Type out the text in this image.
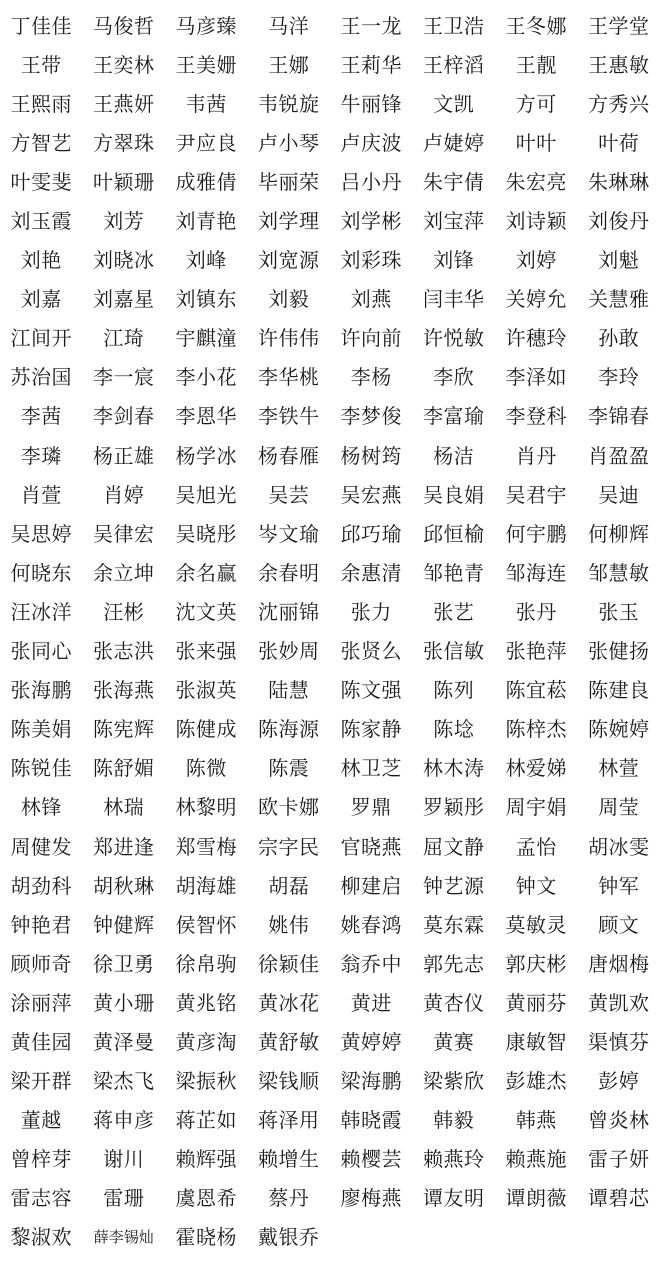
丁佳佳	马俊哲	马彦臻	马洋	王一龙	王卫浩	王冬娜	王学堂
王带	王奕林	王美姗	王娜	王莉华	王梓滔	王靓	王惠敏
王熙雨	王燕妍	韦茜	韦锐旋	牛丽锋	文凯	方可	方秀兴
方智艺	方翠珠	尹应良	卢小琴	卢庆波	卢婕婷	叶叶	叶荷
叶雯斐	叶颖珊	成雅倩	毕丽荣	吕小丹	朱宇倩	朱宏亮	朱琳琳
刘玉霞	刘芳	刘青艳	刘学理	刘学彬	刘宝萍	刘诗颖	刘俊丹
刘艳	刘晓冰	刘峰	刘宽源	刘彩珠	刘锋	刘婷	刘魁
刘嘉	刘嘉星	刘镇东	刘毅	刘燕	闫丰华	关婷允	关慧雅
江间开	江琦	宇麒潼	许伟伟	许向前	许悦敏	许穗玲	孙敢
苏治国	李一宸	李小花	李华桃	李杨	李欣	李泽如	李玲
李茜	李剑春	李恩华	李铁牛	李梦俊	李富瑜	李登科	李锦春
李璘	杨正雄	杨学冰	杨春雁	杨树筠	杨洁	肖丹	肖盈盈
肖萱	肖婷	吴旭光	吴芸	吴宏燕	吴良娟	吴君宇	吴迪
吴思婷	吴律宏	吴晓彤	岑文瑜	邱巧瑜	邱恒榆	何宇鹏	何柳辉
何晓东	余立坤	余名赢	余春明	余惠清	邹艳青	邹海连	邹慧敏
汪冰洋	汪彬	沈文英	沈丽锦	张力	张艺	张丹	张玉
张同心	张志洪	张来强	张妙周	张贤么	张信敏	张艳萍	张健扬
张海鹏	张海燕	张淑英	陆慧	陈文强	陈列	陈宜菘	陈建良
陈美娟	陈宪辉	陈健成	陈海源	陈家静	陈埝	陈梓杰	陈婉婷
陈锐佳	陈舒媚	陈微	陈震	林卫芝	林木涛	林爱娣	林萱
林锋	林瑞	林黎明	欧卡娜	罗鼎	罗颖彤	周宇娟	周莹
周健发	郑进逢	郑雪梅	宗字民	官晓燕	屈文静	孟怡	胡冰雯
胡劲科	胡秋琳	胡海雄	胡磊	柳建启	钟艺源	钟文	钟军
钟艳君	钟健辉	侯智怀	姚伟	姚春鸿	莫东霖	莫敏灵	顾文
顾师奇	徐卫勇	徐帛驹	徐颖佳	翁乔中	郭先志	郭庆彬	唐烟梅
涂丽萍	黄小珊	黄兆铭	黄冰花	黄进	黄杏仪	黄丽芬	黄凯欢
黄佳园	黄泽曼	黄彦淘	黄舒敏	黄婷婷	黄赛	康敏智	渠慎芬
梁开群	梁杰飞	梁振秋	梁钱顺	梁海鹏	梁紫欣	彭雄杰	彭婷
董越	蒋申彦	蒋芷如	蒋泽用	韩晓霞	韩毅	韩燕	曾炎林
曾梓芽	谢川	赖辉强	赖增生	赖樱芸	赖燕玲	赖燕施	雷子妍
雷志容	雷珊	虞恩希	蔡丹	廖梅燕	谭友明	谭朗薇	谭碧芯
黎淑欢	薛李锡灿	霍晓杨	戴银乔
